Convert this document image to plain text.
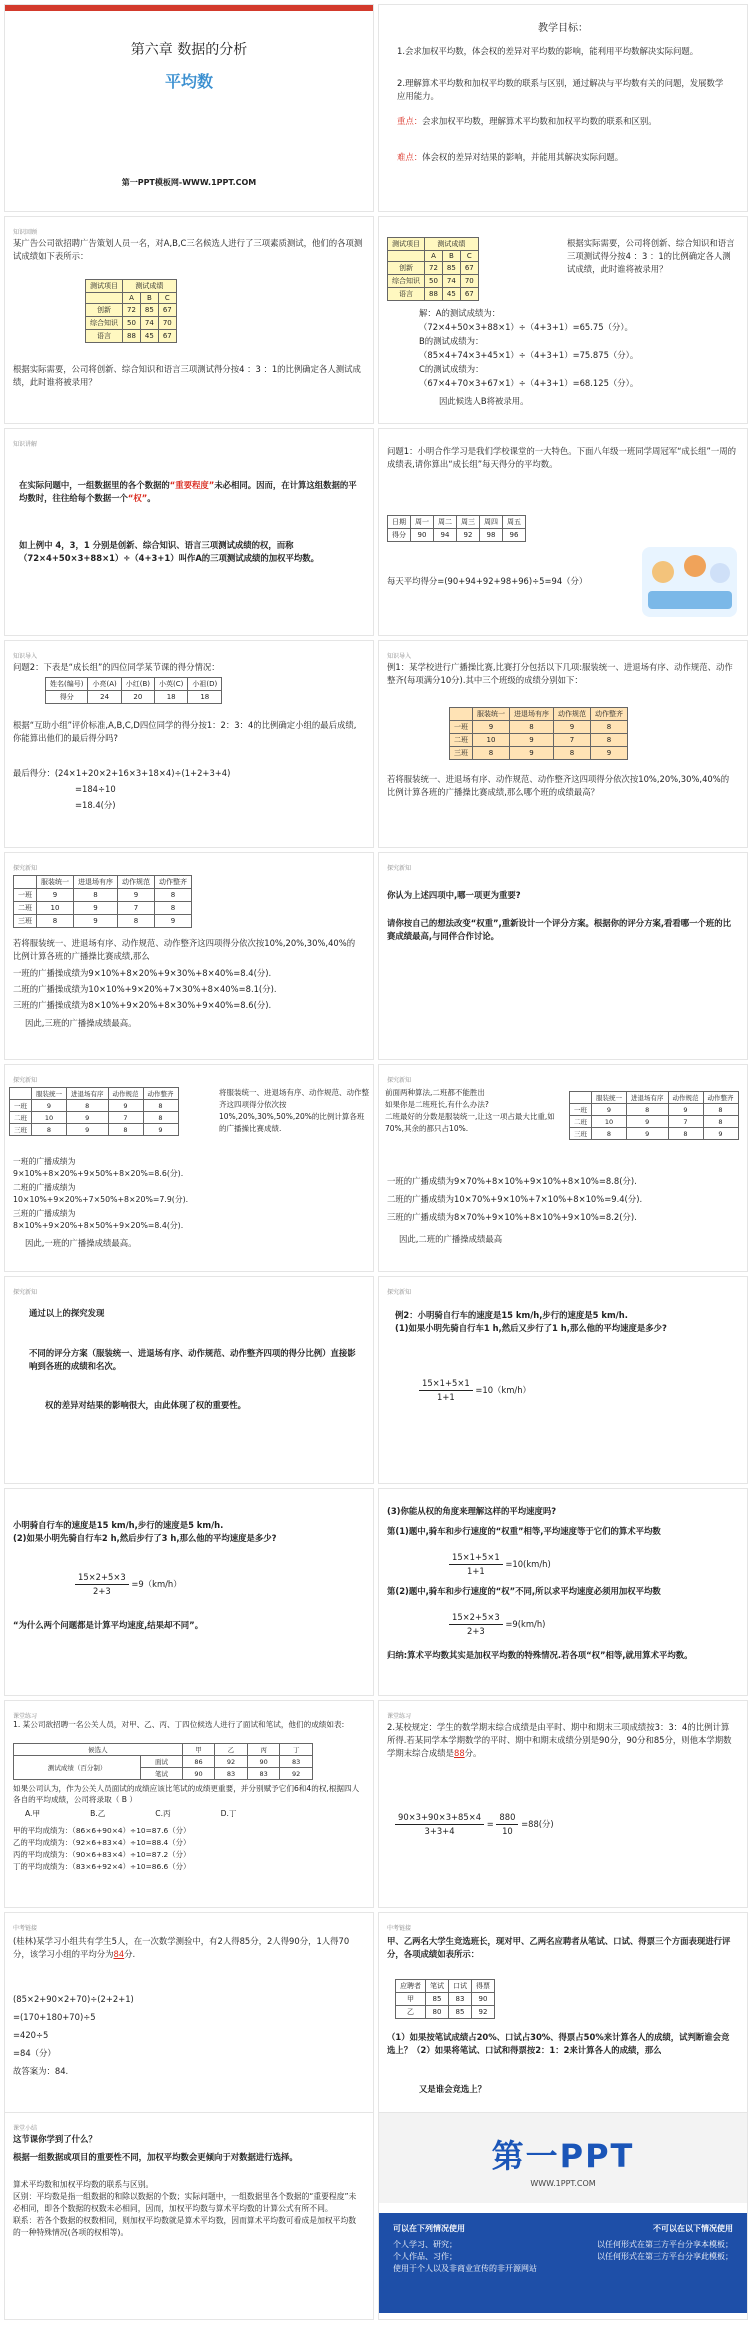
第六章 数据的分析
平均数
第一PPT模板网-WWW.1PPT.COM
教学目标：
1.会求加权平均数，体会权的差异对平均数的影响，能利用平均数解决实际问题。
2.理解算术平均数和加权平均数的联系与区别，通过解决与平均数有关的问题，发展数学应用能力。
重点：会求加权平均数，理解算术平均数和加权平均数的联系和区别。
难点：体会权的差异对结果的影响，并能用其解决实际问题。
知识回顾
某广告公司欲招聘广告策划人员一名，对A,B,C三名候选人进行了三项素质测试，他们的各项测试成绩如下表所示：
测试项目	测试成绩		
	A	B	C
创新	72	85	67
综合知识	50	74	70
语言	88	45	67
根据实际需要，公司将创新、综合知识和语言三项测试得分按4 ：3 ：1的比例确定各人测试成绩，此时谁将被录用？
测试项目	测试成绩		
	A	B	C
创新	72	85	67
综合知识	50	74	70
语言	88	45	67
根据实际需要，公司将创新、综合知识和语言三项测试得分按4 ：3 ：1的比例确定各人测试成绩，此时谁将被录用？
解：A的测试成绩为：
（72×4+50×3+88×1）÷（4+3+1）=65.75（分）。
B的测试成绩为：
（85×4+74×3+45×1）÷（4+3+1）=75.875（分）。
C的测试成绩为：
（67×4+70×3+67×1）÷（4+3+1）=68.125（分）。
因此候选人B将被录用。
知识讲解
在实际问题中，一组数据里的各个数据的“重要程度”未必相同。因而，在计算这组数据的平均数时，往往给每个数据一个“权”。
如上例中 4，3，1 分别是创新、综合知识、语言三项测试成绩的权，而称（72×4+50×3+88×1）÷（4+3+1）叫作A的三项测试成绩的加权平均数。
问题1：小明合作学习是我们学校课堂的一大特色。下面八年级一班同学周冠军“成长组”一周的成绩表,请你算出“成长组”每天得分的平均数。
日期	周一	周二	周三	周四	周五
得分	90	94	92	98	96
每天平均得分=(90+94+92+98+96)÷5=94（分）
知识导入
问题2：下表是“成长组”的四位同学某节课的得分情况：
姓名(编号)	小亮(A)	小红(B)	小英(C)	小祖(D)
得分	24	20	18	18
根据“互助小组”评价标准,A,B,C,D四位同学的得分按1：2：3：4的比例确定小组的最后成绩,你能算出他们的最后得分吗?
最后得分：(24×1+20×2+16×3+18×4)÷(1+2+3+4)
=184÷10
=18.4(分)
知识导入
例1：某学校进行广播操比赛,比赛打分包括以下几项:服装统一、进退场有序、动作规范、动作整齐(每项满分10分).其中三个班级的成绩分别如下：
	服装统一	进退场有序	动作规范	动作整齐
一班	9	8	9	8
二班	10	9	7	8
三班	8	9	8	9
若将服装统一、进退场有序、动作规范、动作整齐这四项得分依次按10%,20%,30%,40%的比例计算各班的广播操比赛成绩,那么哪个班的成绩最高？
探究新知
	服装统一	进退场有序	动作规范	动作整齐
一班	9	8	9	8
二班	10	9	7	8
三班	8	9	8	9
若将服装统一、进退场有序、动作规范、动作整齐这四项得分依次按10%,20%,30%,40%的比例计算各班的广播操比赛成绩,那么
一班的广播操成绩为9×10%+8×20%+9×30%+8×40%=8.4(分).
二班的广播操成绩为10×10%+9×20%+7×30%+8×40%=8.1(分).
三班的广播操成绩为8×10%+9×20%+8×30%+9×40%=8.6(分).
因此,三班的广播操成绩最高。
探究新知
你认为上述四项中,哪一项更为重要?
请你按自己的想法改变“权重”,重新设计一个评分方案。根据你的评分方案,看看哪一个班的比赛成绩最高,与同伴合作讨论。
探究新知
	服装统一	进退场有序	动作规范	动作整齐
一班	9	8	9	8
二班	10	9	7	8
三班	8	9	8	9
将服装统一、进退场有序、动作规范、动作整齐这四项得分依次按10%,20%,30%,50%,20%的比例计算各班的广播操比赛成绩.
一班的广播成绩为
9×10%+8×20%+9×50%+8×20%=8.6(分).
二班的广播成绩为
10×10%+9×20%+7×50%+8×20%=7.9(分).
三班的广播成绩为
8×10%+9×20%+8×50%+9×20%=8.4(分).
因此,一班的广播操成绩最高。
探究新知
前面两种算法,二班都不能胜出
如果你是二班班长,有什么办法?
二班最好的分数是服装统一,让这一项占最大比重,如70%,其余的都只占10%.
	服装统一	进退场有序	动作规范	动作整齐
一班	9	8	9	8
二班	10	9	7	8
三班	8	9	8	9
一班的广播成绩为9×70%+8×10%+9×10%+8×10%=8.8(分).
二班的广播成绩为10×70%+9×10%+7×10%+8×10%=9.4(分).
三班的广播成绩为8×70%+9×10%+8×10%+9×10%=8.2(分).
因此,二班的广播操成绩最高
探究新知
通过以上的探究发现
不同的评分方案（服装统一、进退场有序、动作规范、动作整齐四项的得分比例）直接影响到各班的成绩和名次。
权的差异对结果的影响很大，由此体现了权的重要性。
探究新知
例2：小明骑自行车的速度是15 km/h,步行的速度是5 km/h.
(1)如果小明先骑自行车1 h,然后又步行了1 h,那么他的平均速度是多少?
$\frac{15\times 1+5\times 1}{1+1} =10(km/h)$
小明骑自行车的速度是15 km/h,步行的速度是5 km/h.
(2)如果小明先骑自行车2 h,然后步行了3 h,那么他的平均速度是多少?
$\frac{15\times 2+5\times 3}{2+3} =9(km/h)$
“为什么两个问题都是计算平均速度,结果却不同”。
(3)你能从权的角度来理解这样的平均速度吗?
第(1)题中,骑车和步行速度的“权重”相等,平均速度等于它们的算术平均数
$\frac{15\times 1+5\times 1}{1+1} =10(km/h)$
第(2)题中,骑车和步行速度的“权”不同,所以求平均速度必须用加权平均数
$\frac{15\times 2+5\times 3}{2+3} =9(km/h)$
归纳:算术平均数其实是加权平均数的特殊情况.若各项“权”相等,就用算术平均数。
课堂练习
1. 某公司欲招聘一名公关人员，对甲、乙、丙、丁四位候选人进行了面试和笔试，他们的成绩如表:
候选人		甲	乙	丙	丁
测试成绩（百分制）	面试	86	92	90	83
	笔试	90	83	83	92
如果公司认为，作为公关人员面试的成绩应该比笔试的成绩更重要，并分别赋予它们6和4的权,根据四人各自的平均成绩，公司将录取（ B ）
A.甲	B.乙	C.丙	D.丁
甲的平均成绩为：（86×6+90×4）÷10=87.6（分）
乙的平均成绩为：（92×6+83×4）÷10=88.4（分）
丙的平均成绩为：（90×6+83×4）÷10=87.2（分）
丁的平均成绩为：（83×6+92×4）÷10=86.6（分）
课堂练习
2.某校规定：学生的数学期末综合成绩是由平时、期中和期末三项成绩按3：3：4的比例计算所得.若某同学本学期数学的平时、期中和期末成绩分别是90分，90分和85分，则他本学期数学期末综合成绩是88分。
$\frac{90\times 3+90\times 3+85\times 4}{3+3+4} = \frac{880}{10} =88$(分)
中考链接
(桂林)某学习小组共有学生5人，在一次数学测验中，有2人得85分，2人得90分，1人得70分，该学习小组的平均分为84分.
(85×2+90×2+70)÷(2+2+1)
=(170+180+70)÷5
=420÷5
=84（分）
故答案为：84.
中考链接
甲、乙两名大学生竞选班长，现对甲、乙两名应聘者从笔试、口试、得票三个方面表现进行评分，各项成绩如表所示：
应聘者	笔试	口试	得票
甲	85	83	90
乙	80	85	92
（1）如果按笔试成绩占20%、口试占30%、得票占50%来计算各人的成绩，试判断谁会竞选上？（2）如果将笔试、口试和得票按2：1：2来计算各人的成绩，那么
又是谁会竞选上？
课堂小结
这节课你学到了什么？
根据一组数据或项目的重要性不同，加权平均数会更倾向于对数据进行选择。
算术平均数和加权平均数的联系与区别。
区别：平均数是指一组数据的和除以数据的个数；实际问题中，一组数据里各个数据的“重要程度”未必相同，即各个数据的权数未必相同，因而，加权平均数与算术平均数的计算公式有所不同。
联系：若各个数据的权数相同，则加权平均数就是算术平均数，因而算术平均数可看成是加权平均数的一种特殊情况(各项的权相等)。
第一PPT
WWW.1PPT.COM
可以在下列情况使用
个人学习、研究；
个人作品、习作；
使用于个人以及非商业宣传的非开源网站
不可以在以下情况使用
以任何形式在第三方平台分享本模板；
以任何形式在第三方平台分享此模板；
